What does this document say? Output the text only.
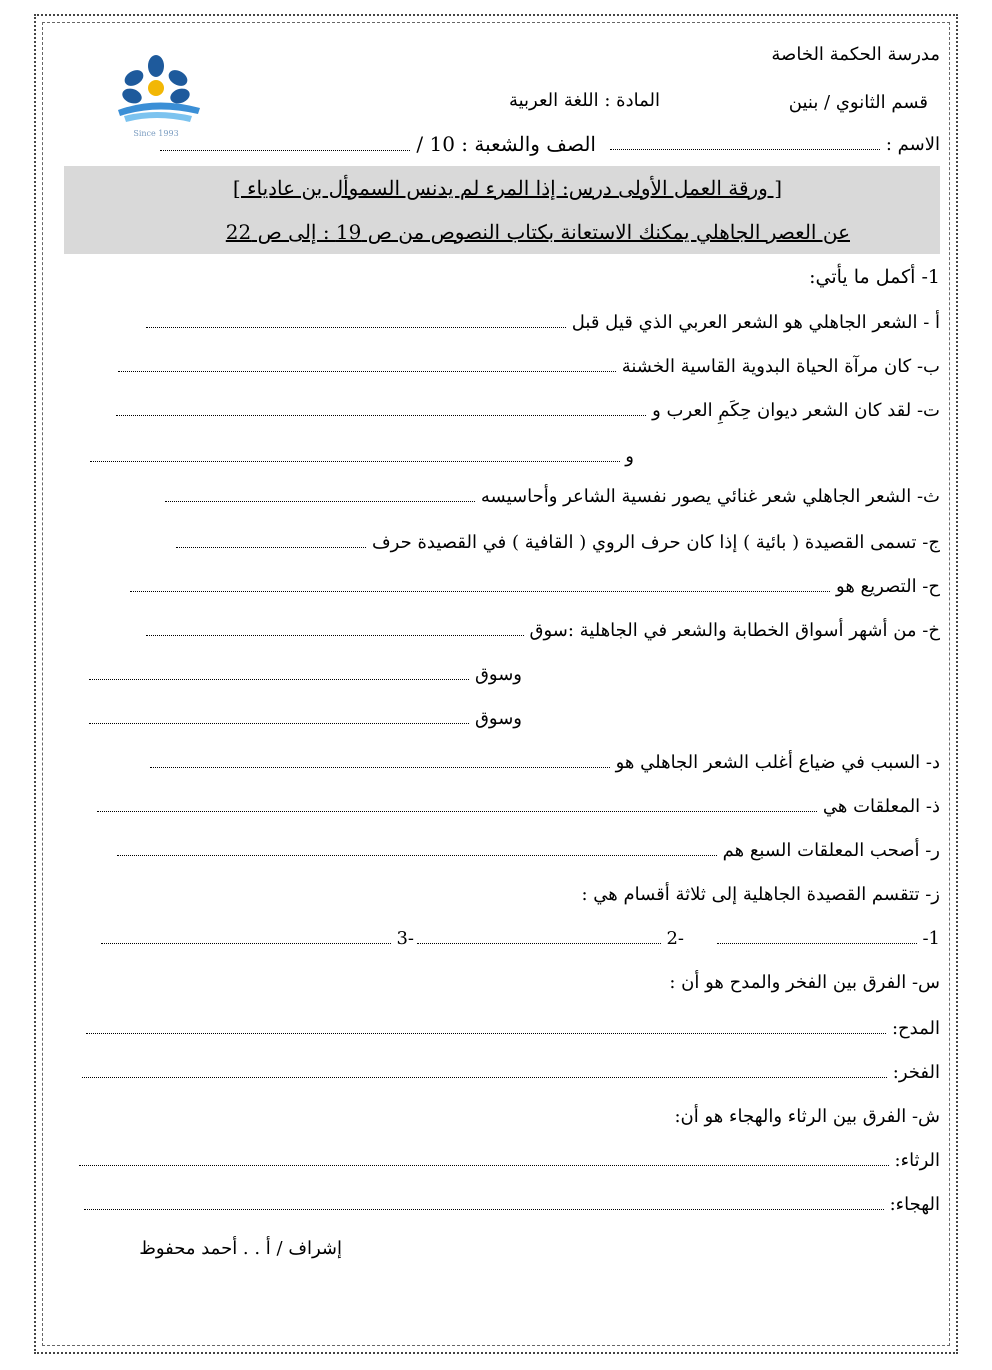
Since 1993
مدرسة الحكمة الخاصة
قسم الثانوي / بنين
المادة : اللغة العربية
الاسم :
الصف والشعبة : 10 /
[ ورقة العمل الأولى درس: إذا المرء لم يدنس السموأل بن عادياء ]
عن العصر الجاهلي يمكنك الاستعانة بكتاب النصوص من ص 19 : إلى ص 22
1- أكمل ما يأتي:
أ - الشعر الجاهلي هو الشعر العربي الذي قيل قبل
ب- كان مرآة الحياة البدوية القاسية الخشنة
ت- لقد كان الشعر ديوان حِكَمِ العرب و
و
ث- الشعر الجاهلي شعر غنائي يصور نفسية الشاعر وأحاسيسه
ج- تسمى القصيدة ( بائية ) إذا كان حرف الروي ( القافية ) في القصيدة حرف
ح- التصريع هو
خ- من أشهر أسواق الخطابة والشعر في الجاهلية :سوق
وسوق
وسوق
د- السبب في ضياع أغلب الشعر الجاهلي هو
ذ- المعلقات هي
ر- أصحب المعلقات السبع هم
ز- تتقسم القصيدة الجاهلية إلى ثلاثة أقسام هي :
1-
-2
-3
س- الفرق بين الفخر والمدح هو أن :
المدح:
الفخر:
ش- الفرق بين الرثاء والهجاء هو أن:
الرثاء:
الهجاء:
إشراف / أ . . أحمد محفوظ
